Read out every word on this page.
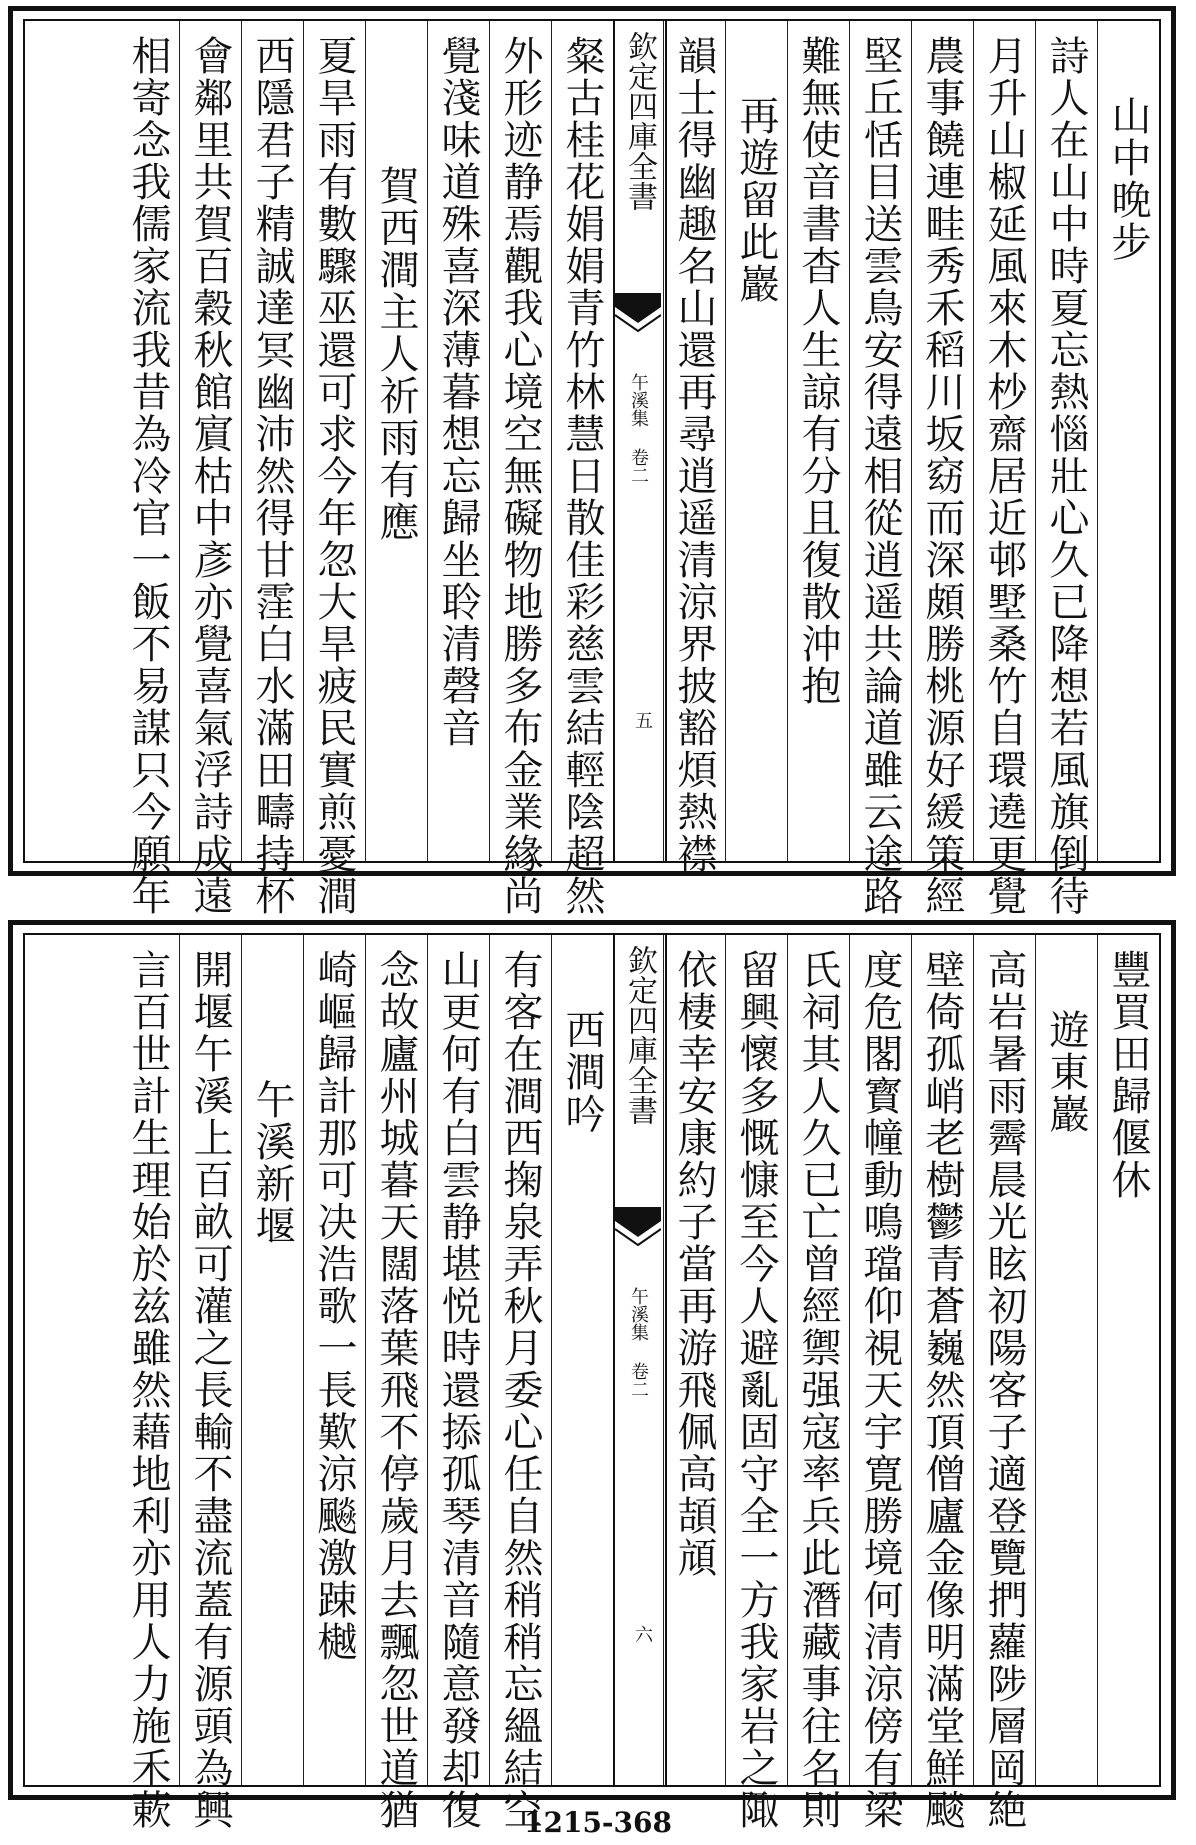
山中晚步
詩人在山中時夏忘熱惱壯心久已降想若風旗倒待
月升山椒延風來木杪齋居近邨墅桑竹自環遶更覺
農事饒連畦秀禾稻川坂窈而深頗勝桃源好緩策經
堅丘恬目送雲鳥安得遠相從逍遥共論道雖云途路
難無使音書杳人生諒有分且復散沖抱
再遊留此巖
韻士得幽趣名山還再尋逍遥清涼界披豁煩熱襟
欽定四庫全書
午溪集 卷二
五
粲古桂花娟娟青竹林慧日散佳彩慈雲結輕陰超然
外形迹静焉觀我心境空無礙物地勝多布金業緣尚
覺淺味道殊喜深薄暮想忘歸坐聆清磬音
賀西澗主人祈雨有應
夏旱雨有數驟巫還可求今年忽大旱疲民實煎憂澗
西隱君子精誠達冥幽沛然得甘霔白水滿田疇持杯
會鄰里共賀百穀秋館賔枯中彥亦覺喜氣浮詩成遠
相寄念我儒家流我昔為冷官一飯不易謀只今願年
豐買田歸偃休
遊東巖
高岩暑雨霽晨光眩初陽客子適登覽捫蘿陟層岡絶
壁倚孤峭老樹鬱青蒼巍然頂僧廬金像明滿堂鮮颷
度危閣寳幢動鳴璫仰視天宇寛勝境何清涼傍有梁
氏祠其人久已亡曾經禦强寇率兵此潛藏事往名則
留興懷多慨慷至今人避亂固守全一方我家岩之陬
依棲幸安康約子當再游飛佩高頡頏
欽定四庫全書
午溪集 卷二
六
西澗吟
有客在澗西掬泉弄秋月委心任自然稍稍忘縕結空
山更何有白雲静堪悦時還掭孤琴清音隨意發却復
念故廬州城暮天闊落葉飛不停歲月去飄忽世道猶
崎嶇歸計那可决浩歌一長歎涼飈激踈樾
午溪新堰
開堰午溪上百畝可灌之長輸不盡流蓋有源頭為興
言百世計生理始於兹雖然藉地利亦用人力施禾蔌	1215-368
